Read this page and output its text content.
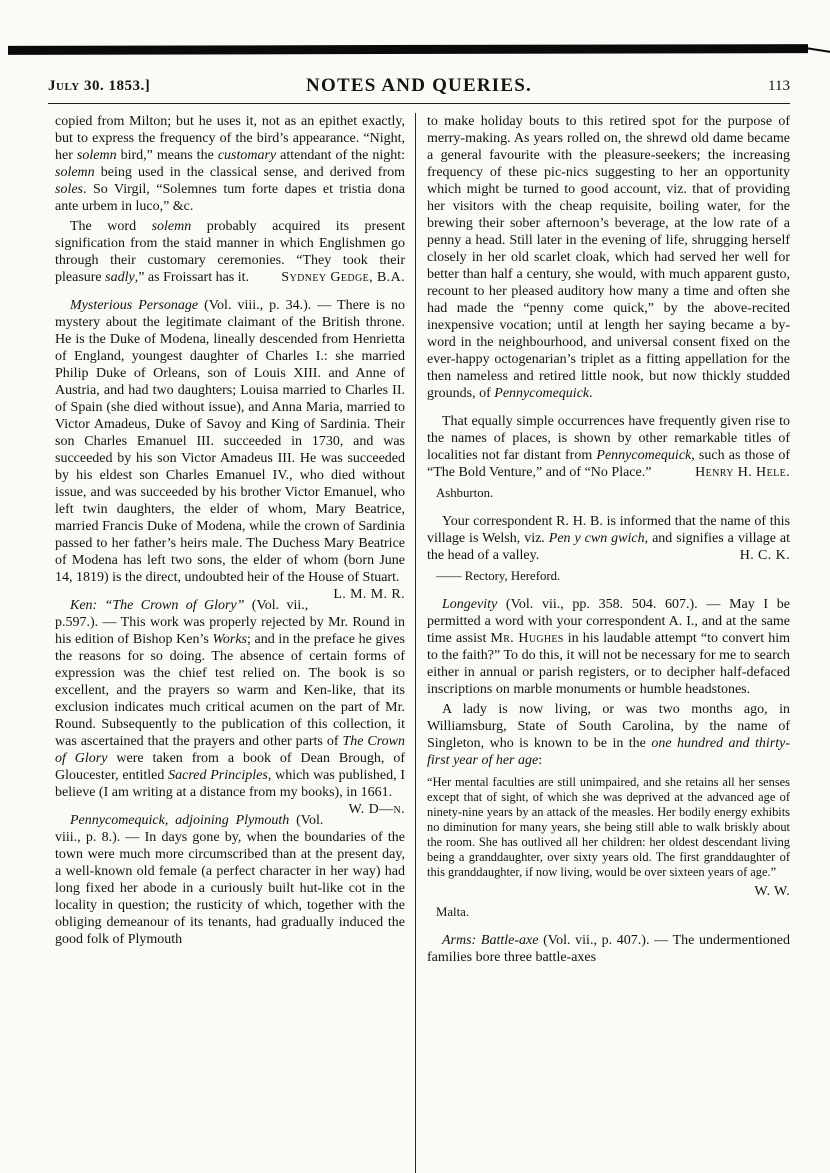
July 30. 1853.]	NOTES AND QUERIES.	113

copied from Milton; but he uses it, not as an epithet exactly, but to express the frequency of the bird’s appearance. “Night, her solemn bird,” means the customary attendant of the night: solemn being used in the classical sense, and derived from soles. So Virgil, “Solemnes tum forte dapes et tristia dona ante urbem in luco,” &c.

The word solemn probably acquired its present signification from the staid manner in which Englishmen go through their customary ceremonies. “They took their pleasure sadly,” as Froissart has it.	Sydney Gedge, B.A.

Mysterious Personage (Vol. viii., p. 34.). — There is no mystery about the legitimate claimant of the British throne. He is the Duke of Modena, lineally descended from Henrietta of England, youngest daughter of Charles I.: she married Philip Duke of Orleans, son of Louis XIII. and Anne of Austria, and had two daughters; Louisa married to Charles II. of Spain (she died without issue), and Anna Maria, married to Victor Amadeus, Duke of Savoy and King of Sardinia. Their son Charles Emanuel III. succeeded in 1730, and was succeeded by his son Victor Amadeus III. He was succeeded by his eldest son Charles Emanuel IV., who died without issue, and was succeeded by his brother Victor Emanuel, who left twin daughters, the elder of whom, Mary Beatrice, married Francis Duke of Modena, while the crown of Sardinia passed to her father’s heirs male. The Duchess Mary Beatrice of Modena has left two sons, the elder of whom (born June 14, 1819) is the direct, undoubted heir of the House of Stuart.
L. M. M. R.

Ken: “The Crown of Glory” (Vol. vii., p.597.). — This work was properly rejected by Mr. Round in his edition of Bishop Ken’s Works; and in the preface he gives the reasons for so doing. The absence of certain forms of expression was the chief test relied on. The book is so excellent, and the prayers so warm and Ken-like, that its exclusion indicates much critical acumen on the part of Mr. Round. Subsequently to the publication of this collection, it was ascertained that the prayers and other parts of The Crown of Glory were taken from a book of Dean Brough, of Gloucester, entitled Sacred Principles, which was published, I believe (I am writing at a distance from my books), in 1661.
W. D—n.

Pennycomequick, adjoining Plymouth (Vol. viii., p. 8.). — In days gone by, when the boundaries of the town were much more circumscribed than at the present day, a well-known old female (a perfect character in her way) had long fixed her abode in a curiously built hut-like cot in the locality in question; the rusticity of which, together with the obliging demeanour of its tenants, had gradually induced the good folk of Plymouth

to make holiday bouts to this retired spot for the purpose of merry-making. As years rolled on, the shrewd old dame became a general favourite with the pleasure-seekers; the increasing frequency of these pic-nics suggesting to her an opportunity which might be turned to good account, viz. that of providing her visitors with the cheap requisite, boiling water, for the brewing their sober afternoon’s beverage, at the low rate of a penny a head. Still later in the evening of life, shrugging herself closely in her old scarlet cloak, which had served her well for better than half a century, she would, with much apparent gusto, recount to her pleased auditory how many a time and often she had made the “penny come quick,” by the above-recited inexpensive vocation; until at length her saying became a by-word in the neighbourhood, and universal consent fixed on the ever-happy octogenarian’s triplet as a fitting appellation for the then nameless and retired little nook, but now thickly studded grounds, of Pennycomequick.

That equally simple occurrences have frequently given rise to the names of places, is shown by other remarkable titles of localities not far distant from Pennycomequick, such as those of “The Bold Venture,” and of “No Place.”	Henry H. Hele.

Ashburton.

Your correspondent R. H. B. is informed that the name of this village is Welsh, viz. Pen y cwn gwich, and signifies a village at the head of a valley.	H. C. K.

—— Rectory, Hereford.

Longevity (Vol. vii., pp. 358. 504. 607.). — May I be permitted a word with your correspondent A. I., and at the same time assist Mr. Hughes in his laudable attempt “to convert him to the faith?” To do this, it will not be necessary for me to search either in annual or parish registers, or to decipher half-defaced inscriptions on marble monuments or humble headstones.

A lady is now living, or was two months ago, in Williamsburg, State of South Carolina, by the name of Singleton, who is known to be in the one hundred and thirty-first year of her age:

“Her mental faculties are still unimpaired, and she retains all her senses except that of sight, of which she was deprived at the advanced age of ninety-nine years by an attack of the measles. Her bodily energy exhibits no diminution for many years, she being still able to walk briskly about the room. She has outlived all her children: her oldest descendant living being a granddaughter, over sixty years old. The first granddaughter of this granddaughter, if now living, would be over sixteen years of age.”

W. W.

Malta.

Arms: Battle-axe (Vol. vii., p. 407.). — The undermentioned families bore three battle-axes
